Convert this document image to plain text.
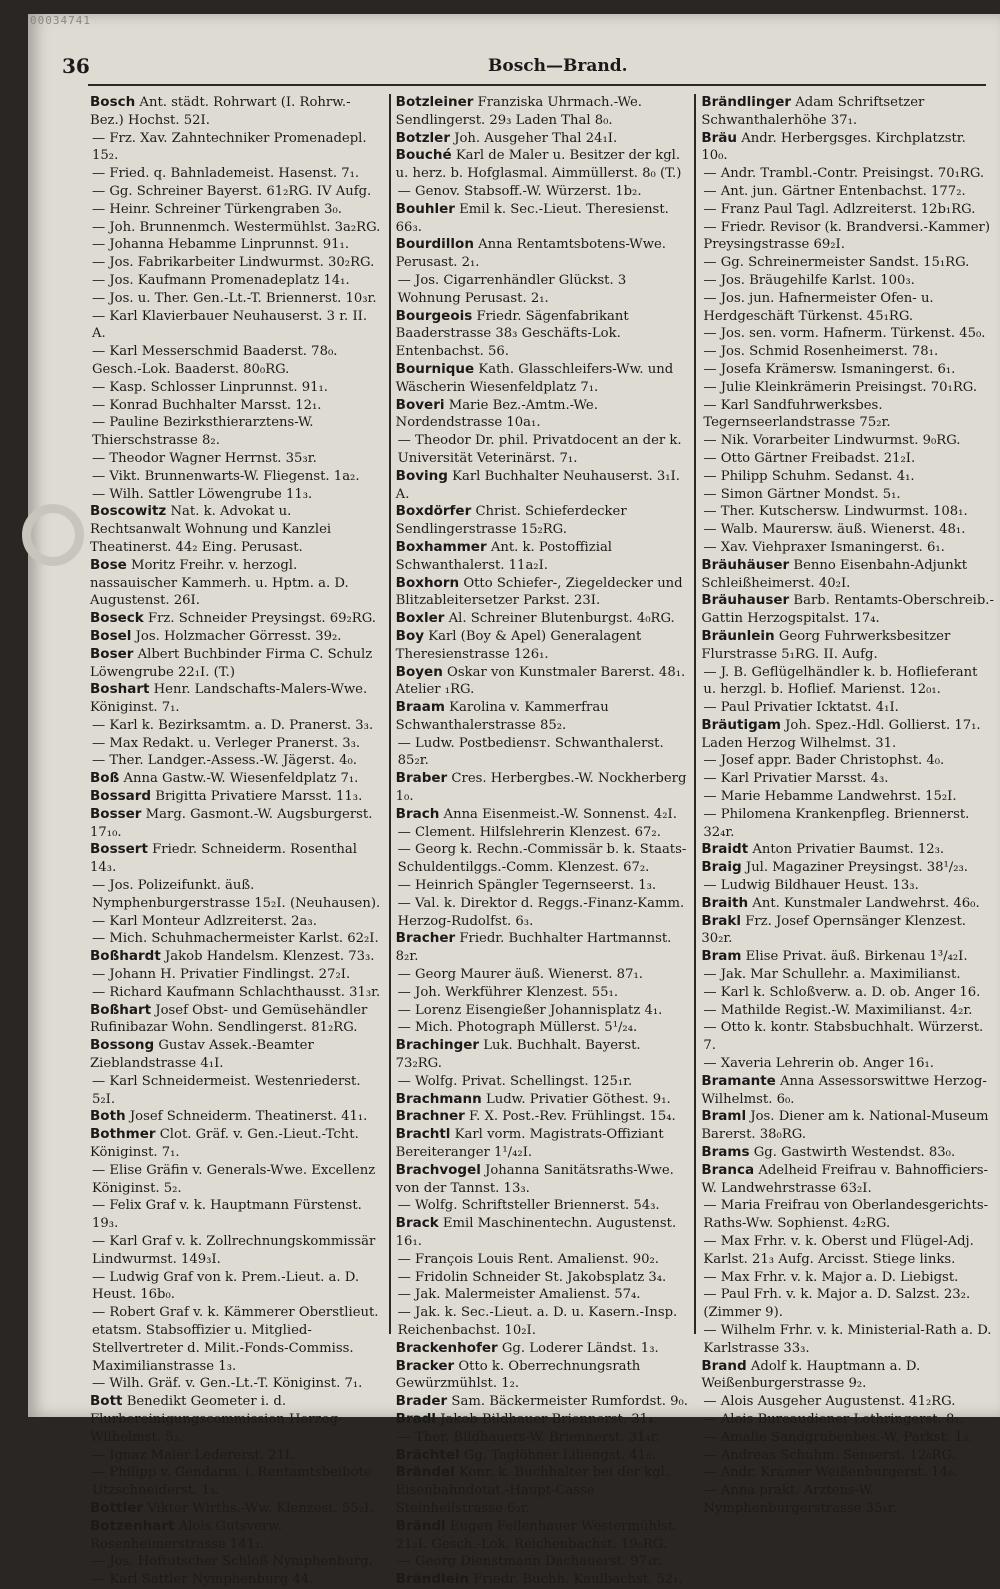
00034741
36	Bosch—Brand.

Bosch Ant. städt. Rohrwart (I. Rohrw.-Bez.) Hochst. 52I.

— Frz. Xav. Zahntechniker Promenadepl. 15₂.

— Fried. q. Bahnlademeist. Hasenst. 7₁.

— Gg. Schreiner Bayerst. 61₂RG. IV Aufg.

— Heinr. Schreiner Türkengraben 3₀.

— Joh. Brunnenmch. Westermühlst. 3a₂RG.

— Johanna Hebamme Linprunnst. 91₁.

— Jos. Fabrikarbeiter Lindwurmst. 30₂RG.

— Jos. Kaufmann Promenadeplatz 14₁.

— Jos. u. Ther. Gen.-Lt.-T. Briennerst. 10₃r.

— Karl Klavierbauer Neuhauserst. 3 r. II. A.

— Karl Messerschmid Baaderst. 78₀. Gesch.-Lok. Baaderst. 80₀RG.

— Kasp. Schlosser Linprunnst. 91₁.

— Konrad Buchhalter Marsst. 12₁.

— Pauline Bezirksthierarztens-W. Thierschstrasse 8₂.

— Theodor Wagner Herrnst. 35₃r.

— Vikt. Brunnenwarts-W. Fliegenst. 1a₂.

— Wilh. Sattler Löwengrube 11₃.

Boscowitz Nat. k. Advokat u. Rechtsanwalt Wohnung und Kanzlei Theatinerst. 44₂ Eing. Perusast.

Bose Moritz Freihr. v. herzogl. nassauischer Kammerh. u. Hptm. a. D. Augustenst. 26I.

Boseck Frz. Schneider Preysingst. 69₂RG.

Bosel Jos. Holzmacher Görresst. 39₂.

Boser Albert Buchbinder Firma C. Schulz Löwengrube 22₁I. (T.)

Boshart Henr. Landschafts-Malers-Wwe. Königinst. 7₁.

— Karl k. Bezirksamtm. a. D. Pranerst. 3₃.

— Max Redakt. u. Verleger Pranerst. 3₃.

— Ther. Landger.-Assess.-W. Jägerst. 4₀.

Boß Anna Gastw.-W. Wiesenfeldplatz 7₁.

Bossard Brigitta Privatiere Marsst. 11₃.

Bosser Marg. Gasmont.-W. Augsburgerst. 17₁₀.

Bossert Friedr. Schneiderm. Rosenthal 14₃.

— Jos. Polizeifunkt. äuß. Nymphenburgerstrasse 15₂I. (Neuhausen).

— Karl Monteur Adlzreiterst. 2a₃.

— Mich. Schuhmachermeister Karlst. 62₂I.

Boßhardt Jakob Handelsm. Klenzest. 73₃.

— Johann H. Privatier Findlingst. 27₂I.

— Richard Kaufmann Schlachthausst. 31₃r.

Boßhart Josef Obst- und Gemüsehändler Rufinibazar Wohn. Sendlingerst. 81₂RG.

Bossong Gustav Assek.-Beamter Zieblandstrasse 4₁I.

— Karl Schneidermeist. Westenriederst. 5₂I.

Both Josef Schneiderm. Theatinerst. 41₁.

Bothmer Clot. Gräf. v. Gen.-Lieut.-Tcht. Königinst. 7₁.

— Elise Gräfin v. Generals-Wwe. Excellenz Königinst. 5₂.

— Felix Graf v. k. Hauptmann Fürstenst. 19₃.

— Karl Graf v. k. Zollrechnungskommissär Lindwurmst. 149₃I.

— Ludwig Graf von k. Prem.-Lieut. a. D. Heust. 16b₀.

— Robert Graf v. k. Kämmerer Oberstlieut. etatsm. Stabsoffizier u. Mitglied-Stellvertreter d. Milit.-Fonds-Commiss. Maximilianstrasse 1₃.

— Wilh. Gräf. v. Gen.-Lt.-T. Königinst. 7₁.

Bott Benedikt Geometer i. d. Flurbereinigungscommission Herzog-Wilhelmst. 5₃.

— Ignaz Maler Ledererst. 21I.

— Philipp v. Gendarm. i. Rentamtsbeibote Utzschneiderst. 1₃.

Bottler Viktor Wirths.-Ww. Klenzest. 55₂I.

Botzenhart Alois Gutsverw. Rosenheimerstrasse 141₁.

— Jos. Hoftutscher Schloß Nymphenburg.

— Karl Sattler Nymphenburg 44.

Botzleiner Franziska Uhrmach.-We. Sendlingerst. 29₃ Laden Thal 8₀.

Botzler Joh. Ausgeher Thal 24₁I.

Bouché Karl de Maler u. Besitzer der kgl. u. herz. b. Hofglasmal. Aimmüllerst. 8₀ (T.)

— Genov. Stabsoff.-W. Würzerst. 1b₂.

Bouhler Emil k. Sec.-Lieut. Theresienst. 66₃.

Bourdillon Anna Rentamtsbotens-Wwe. Perusast. 2₁.

— Jos. Cigarrenhändler Glückst. 3 Wohnung Perusast. 2₁.

Bourgeois Friedr. Sägenfabrikant Baaderstrasse 38₃ Geschäfts-Lok. Entenbachst. 56.

Bournique Kath. Glasschleifers-Ww. und Wäscherin Wiesenfeldplatz 7₁.

Boveri Marie Bez.-Amtm.-We. Nordendstrasse 10a₁.

— Theodor Dr. phil. Privatdocent an der k. Universität Veterinärst. 7₁.

Boving Karl Buchhalter Neuhauserst. 3₁I. A.

Boxdörfer Christ. Schieferdecker Sendlingerstrasse 15₂RG.

Boxhammer Ant. k. Postoffizial Schwanthalerst. 11a₂I.

Boxhorn Otto Schiefer-, Ziegeldecker und Blitzableitersetzer Parkst. 23I.

Boxler Al. Schreiner Blutenburgst. 4₀RG.

Boy Karl (Boy & Apel) Generalagent Theresienstrasse 126₁.

Boyen Oskar von Kunstmaler Barerst. 48₁. Atelier ₁RG.

Braam Karolina v. Kammerfrau Schwanthalerstrasse 85₂.

— Ludw. Postbediensт. Schwanthalerst. 85₂r.

Braber Cres. Herbergbes.-W. Nockherberg 1₀.

Brach Anna Eisenmeist.-W. Sonnenst. 4₂I.

— Clement. Hilfslehrerin Klenzest. 67₂.

— Georg k. Rechn.-Commissär b. k. Staats-Schuldentilggs.-Comm. Klenzest. 67₂.

— Heinrich Spängler Tegernseerst. 1₃.

— Val. k. Direktor d. Reggs.-Finanz-Kamm. Herzog-Rudolfst. 6₃.

Bracher Friedr. Buchhalter Hartmannst. 8₂r.

— Georg Maurer äuß. Wienerst. 87₁.

— Joh. Werkführer Klenzest. 55₁.

— Lorenz Eisengießer Johannisplatz 4₁.

— Mich. Photograph Müllerst. 5¹/₂₄.

Brachinger Luk. Buchhalt. Bayerst. 73₂RG.

— Wolfg. Privat. Schellingst. 125₁r.

Brachmann Ludw. Privatier Göthest. 9₁.

Brachner F. X. Post.-Rev. Frühlingst. 15₄.

Brachtl Karl vorm. Magistrats-Offiziant Bereiteranger 1¹/₄₂I.

Brachvogel Johanna Sanitätsraths-Wwe. von der Tannst. 13₃.

— Wolfg. Schriftsteller Briennerst. 54₃.

Brack Emil Maschinentechn. Augustenst. 16₁.

— François Louis Rent. Amalienst. 90₂.

— Fridolin Schneider St. Jakobsplatz 3₄.

— Jak. Malermeister Amalienst. 57₄.

— Jak. k. Sec.-Lieut. a. D. u. Kasern.-Insp. Reichenbachst. 10₂I.

Brackenhofer Gg. Loderer Ländst. 1₃.

Bracker Otto k. Oberrechnungsrath Gewürzmühlst. 1₂.

Brader Sam. Bäckermeister Rumfordst. 9₀.

Bradl Jakob Bildhauer Briennerst. 31₄.

— Ther. Bildhauers-W. Briennerst. 31₄r.

Brächtel Gg. Taglöhner Liliengst. 41₀.

Brändel Konr. k. Buchhalter bei der kgl. Eisenbahndotat.-Haupt-Casse Steinheilstrasse 6₃r.

Brändl Eugen Feilenhauer Westermühlst. 21₂I. Gesch.-Lok. Reichenbachst. 19₀RG.

— Georg Dienstmann Dachauerst. 97₄r.

Brändlein Friedr. Buchh. Kaulbachst. 52₁.

Brändlinger Adam Schriftsetzer Schwanthalerhöhe 37₁.

Bräu Andr. Herbergsges. Kirchplatzstr. 10₀.

— Andr. Trambl.-Contr. Preisingst. 70₁RG.

— Ant. jun. Gärtner Entenbachst. 177₂.

— Franz Paul Tagl. Adlzreiterst. 12b₁RG.

— Friedr. Revisor (k. Brandversi.-Kammer) Preysingstrasse 69₂I.

— Gg. Schreinermeister Sandst. 15₁RG.

— Jos. Bräugehilfe Karlst. 100₃.

— Jos. jun. Hafnermeister Ofen- u. Herdgeschäft Türkenst. 45₁RG.

— Jos. sen. vorm. Hafnerm. Türkenst. 45₀.

— Jos. Schmid Rosenheimerst. 78₁.

— Josefa Krämersw. Ismaningerst. 6₁.

— Julie Kleinkrämerin Preisingst. 70₁RG.

— Karl Sandfuhrwerksbes. Tegernseerlandstrasse 75₂r.

— Nik. Vorarbeiter Lindwurmst. 9₀RG.

— Otto Gärtner Freibadst. 21₂I.

— Philipp Schuhm. Sedanst. 4₁.

— Simon Gärtner Mondst. 5₁.

— Ther. Kutschersw. Lindwurmst. 108₁.

— Walb. Maurersw. äuß. Wienerst. 48₁.

— Xav. Viehpraxer Ismaningerst. 6₁.

Bräuhäuser Benno Eisenbahn-Adjunkt Schleißheimerst. 40₂I.

Bräuhauser Barb. Rentamts-Oberschreib.-Gattin Herzogspitalst. 17₄.

Bräunlein Georg Fuhrwerksbesitzer Flurstrasse 5₁RG. II. Aufg.

— J. B. Geflügelhändler k. b. Hoflieferant u. herzgl. b. Hoflief. Marienst. 12₀₁.

— Paul Privatier Icktatst. 4₁I.

Bräutigam Joh. Spez.-Hdl. Gollierst. 17₁. Laden Herzog Wilhelmst. 31.

— Josef appr. Bader Christophst. 4₀.

— Karl Privatier Marsst. 4₃.

— Marie Hebamme Landwehrst. 15₂I.

— Philomena Krankenpfleg. Briennerst. 32₄r.

Braidt Anton Privatier Baumst. 12₃.

Braig Jul. Magaziner Preysingst. 38¹/₂₃.

— Ludwig Bildhauer Heust. 13₃.

Braith Ant. Kunstmaler Landwehrst. 46₀.

Brakl Frz. Josef Opernsänger Klenzest. 30₂r.

Bram Elise Privat. äuß. Birkenau 1³/₄₂I.

— Jak. Mar Schullehr. a. Maximilianst.

— Karl k. Schloßverw. a. D. ob. Anger 16.

— Mathilde Regist.-W. Maximilianst. 4₂r.

— Otto k. kontr. Stabsbuchhalt. Würzerst. 7.

— Xaveria Lehrerin ob. Anger 16₁.

Bramante Anna Assessorswittwe Herzog-Wilhelmst. 6₀.

Braml Jos. Diener am k. National-Museum Barerst. 38₀RG.

Brams Gg. Gastwirth Westendst. 83₀.

Branca Adelheid Freifrau v. Bahnofficiers-W. Landwehrstrasse 63₂I.

— Maria Freifrau von Oberlandesgerichts-Raths-Ww. Sophienst. 4₂RG.

— Max Frhr. v. k. Oberst und Flügel-Adj. Karlst. 21₃ Aufg. Arcisst. Stiege links.

— Max Frhr. v. k. Major a. D. Liebigst.

— Paul Frh. v. k. Major a. D. Salzst. 23₂. (Zimmer 9).

— Wilhelm Frhr. v. k. Ministerial-Rath a. D. Karlstrasse 33₃.

Brand Adolf k. Hauptmann a. D. Weißenburgerstrasse 9₂.

— Alois Ausgeher Augustenst. 41₂RG.

— Alois Bureaudiener Lothringerst. 8₁.

— Amalie Sandgrubenbes.-W. Parkst. 1₃.

— Andreas Schuhm. Senserst. 12₀RG.

— Andr. Krämer Weißenburgerst. 14₀.

— Anna prakt. Arztens-W. Nymphenburgerstrasse 35₁r.
